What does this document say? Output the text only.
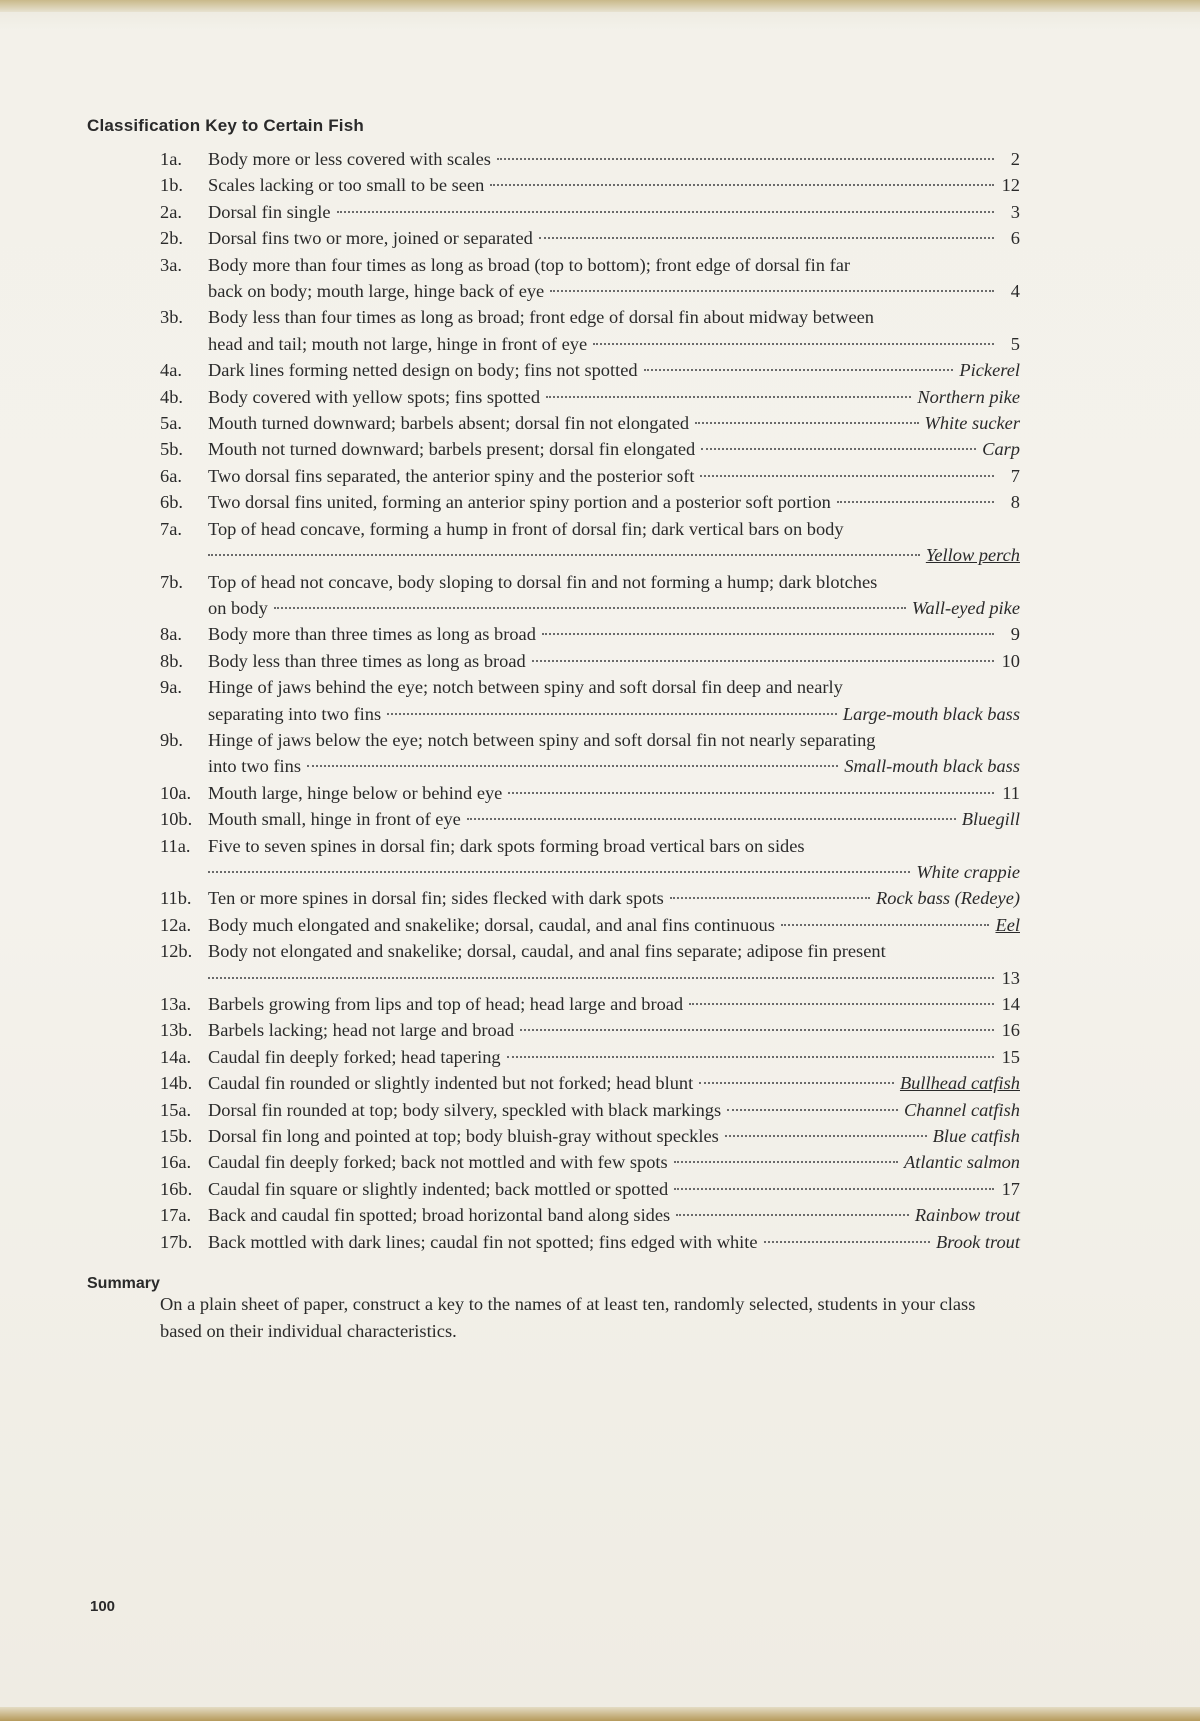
Classification Key to Certain Fish
1a.	Body more or less covered with scales	2
1b.	Scales lacking or too small to be seen	12
2a.	Dorsal fin single	3
2b.	Dorsal fins two or more, joined or separated	6
3a.	Body more than four times as long as broad (top to bottom); front edge of dorsal fin far
back on body; mouth large, hinge back of eye	4
3b.	Body less than four times as long as broad; front edge of dorsal fin about midway between
head and tail; mouth not large, hinge in front of eye	5
4a.	Dark lines forming netted design on body; fins not spotted	Pickerel
4b.	Body covered with yellow spots; fins spotted	Northern pike
5a.	Mouth turned downward; barbels absent; dorsal fin not elongated	White sucker
5b.	Mouth not turned downward; barbels present; dorsal fin elongated	Carp
6a.	Two dorsal fins separated, the anterior spiny and the posterior soft	7
6b.	Two dorsal fins united, forming an anterior spiny portion and a posterior soft portion	8
7a.	Top of head concave, forming a hump in front of dorsal fin; dark vertical bars on body
Yellow perch
7b.	Top of head not concave, body sloping to dorsal fin and not forming a hump; dark blotches
on body	Wall-eyed pike
8a.	Body more than three times as long as broad	9
8b.	Body less than three times as long as broad	10
9a.	Hinge of jaws behind the eye; notch between spiny and soft dorsal fin deep and nearly
separating into two fins	Large-mouth black bass
9b.	Hinge of jaws below the eye; notch between spiny and soft dorsal fin not nearly separating
into two fins	Small-mouth black bass
10a. Mouth large, hinge below or behind eye	11
10b. Mouth small, hinge in front of eye	Bluegill
11a. Five to seven spines in dorsal fin; dark spots forming broad vertical bars on sides
White crappie
11b. Ten or more spines in dorsal fin; sides flecked with dark spots	Rock bass (Redeye)
12a. Body much elongated and snakelike; dorsal, caudal, and anal fins continuous	Eel
12b. Body not elongated and snakelike; dorsal, caudal, and anal fins separate; adipose fin present
13
13a. Barbels growing from lips and top of head; head large and broad	14
13b. Barbels lacking; head not large and broad	16
14a. Caudal fin deeply forked; head tapering	15
14b. Caudal fin rounded or slightly indented but not forked; head blunt	Bullhead catfish
15a. Dorsal fin rounded at top; body silvery, speckled with black markings	Channel catfish
15b. Dorsal fin long and pointed at top; body bluish-gray without speckles	Blue catfish
16a. Caudal fin deeply forked; back not mottled and with few spots	Atlantic salmon
16b. Caudal fin square or slightly indented; back mottled or spotted	17
17a. Back and caudal fin spotted; broad horizontal band along sides	Rainbow trout
17b. Back mottled with dark lines; caudal fin not spotted; fins edged with white	Brook trout
Summary
On a plain sheet of paper, construct a key to the names of at least ten, randomly selected, students in your class based on their individual characteristics.
100
